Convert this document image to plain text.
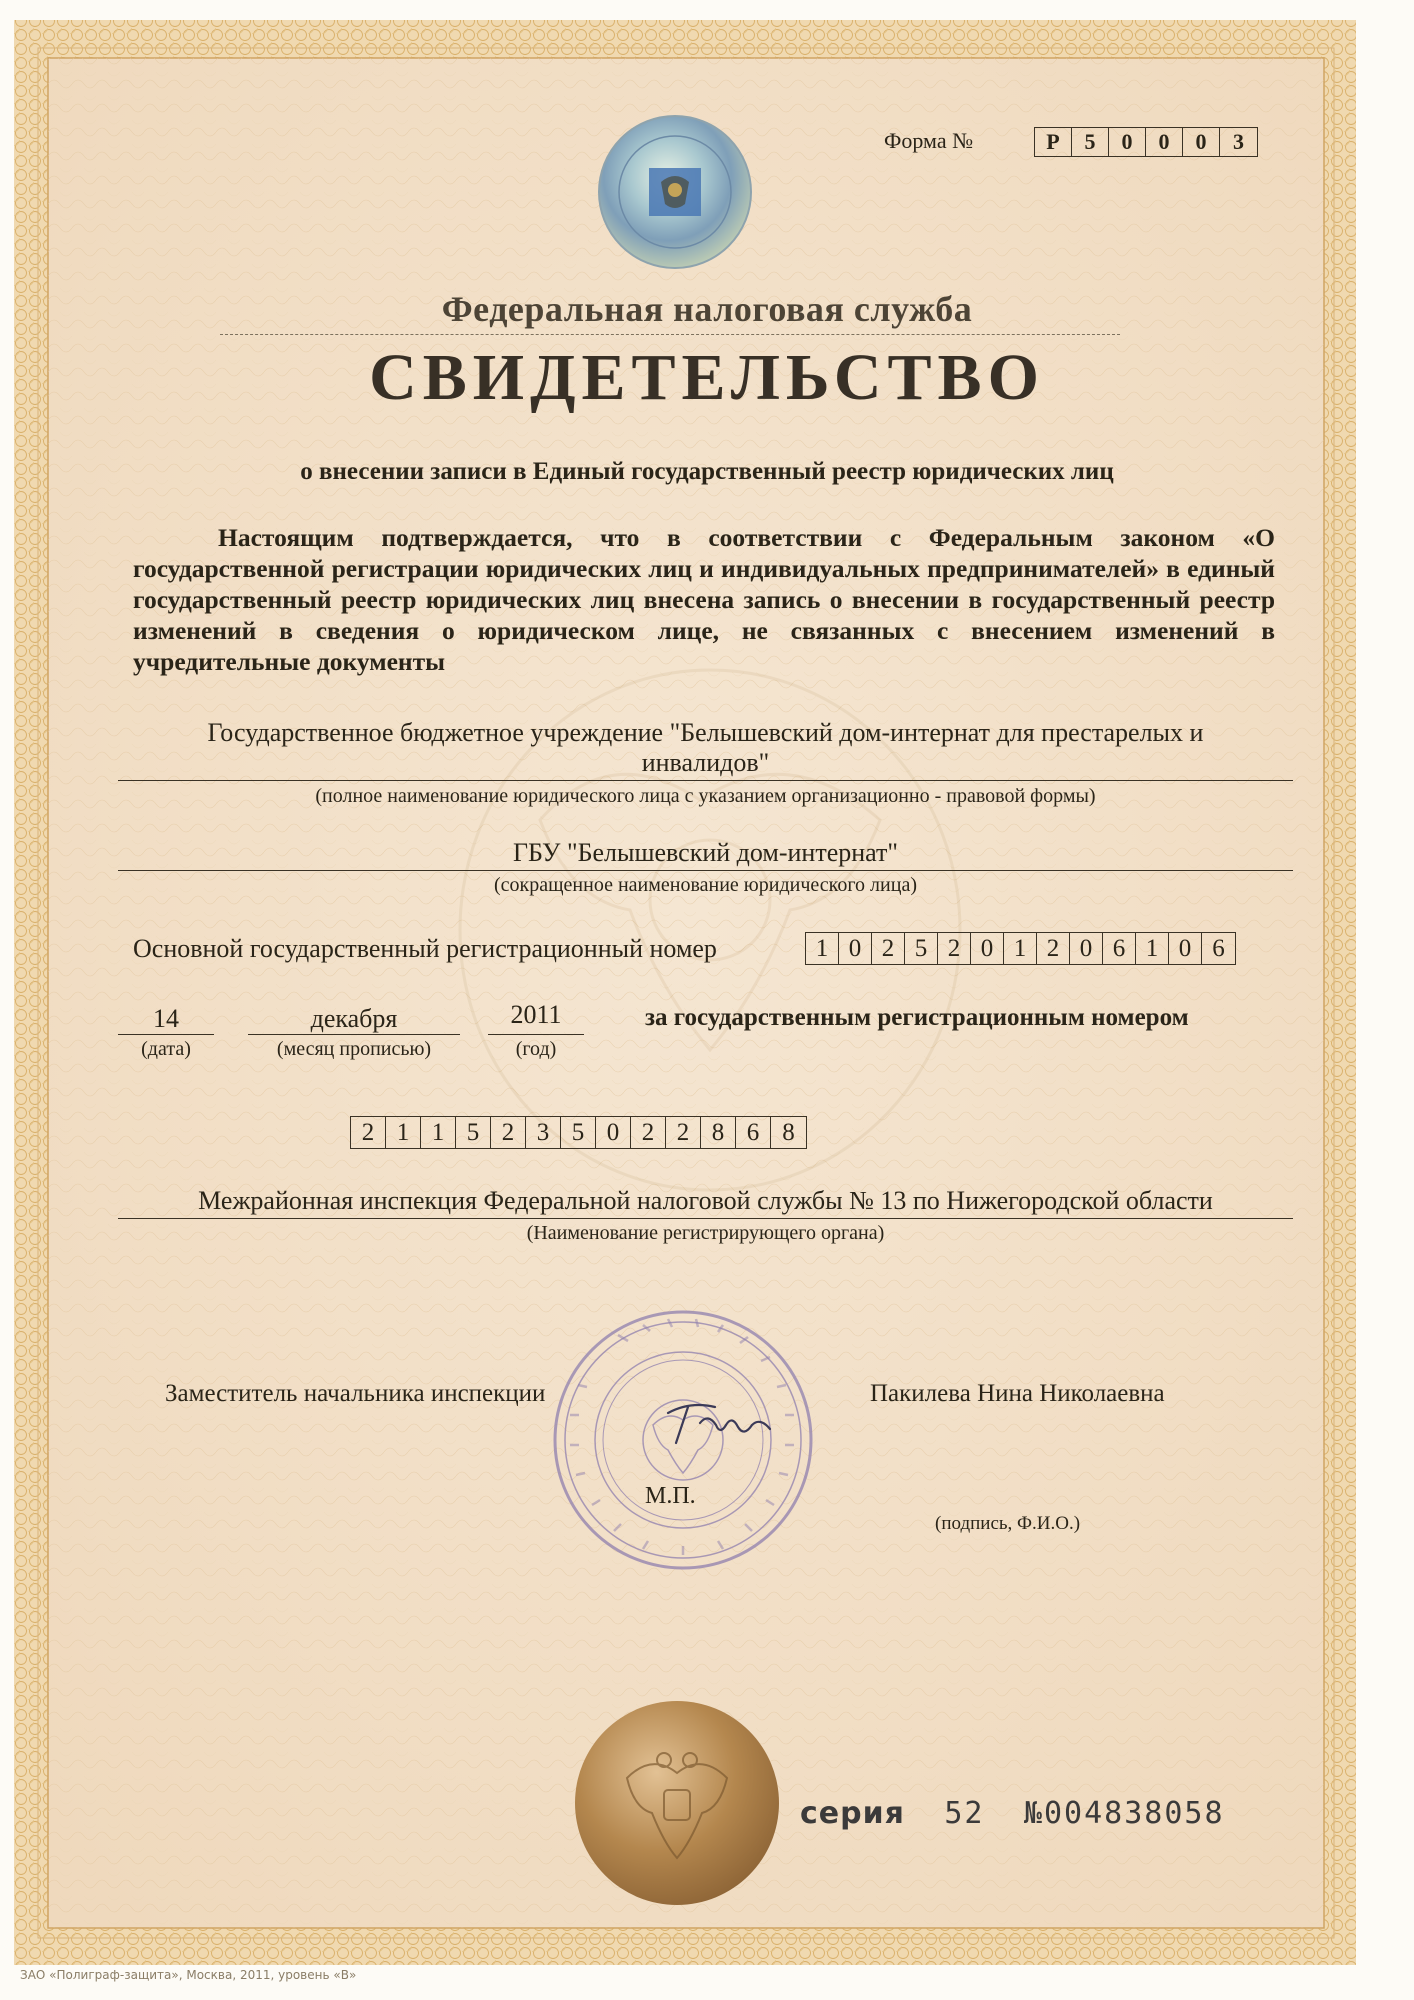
Форма №	Р	5	0	0	0	3
Федеральная налоговая служба
СВИДЕТЕЛЬСТВО
о внесении записи в Единый государственный реестр юридических лиц
Настоящим подтверждается, что в соответствии с Федеральным законом «О государственной регистрации юридических лиц и индивидуальных предпринимателей» в единый государственный реестр юридических лиц внесена запись о внесении в государственный реестр изменений в сведения о юридическом лице, не связанных с внесением изменений в учредительные документы
Государственное бюджетное учреждение "Белышевский дом-интернат для престарелых и
инвалидов"
(полное наименование юридического лица с указанием организационно - правовой формы)
ГБУ "Белышевский дом-интернат"
(сокращенное наименование юридического лица)
Основной государственный регистрационный номер	1 0 2 5 2 0 1 2 0 6 1 0 6
14
(дата)
декабря
(месяц прописью)
2011
(год)
за государственным регистрационным номером
2 1 1 5 2 3 5 0 2 2 8 6 8
Межрайонная инспекция Федеральной налоговой службы № 13 по Нижегородской области
(Наименование регистрирующего органа)
Заместитель начальника инспекции	Пакилева Нина Николаевна
М.П.
(подпись, Ф.И.О.)
серия 52 №004838058
ЗАО «Полиграф-защита», Москва, 2011, уровень «В»
